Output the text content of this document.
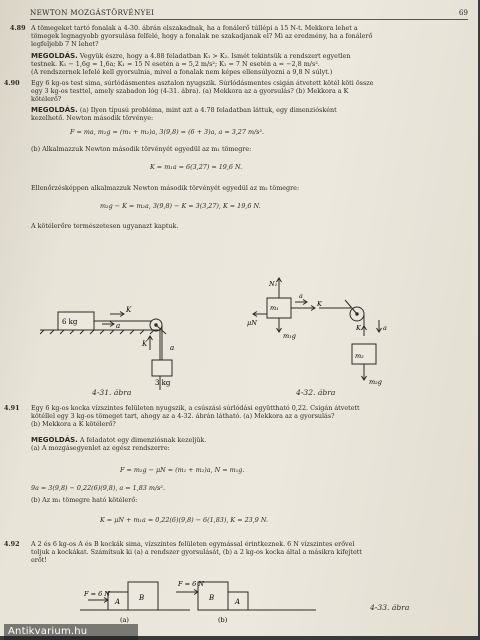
NEWTON MOZGÁSTÖRVÉNYEI	69
4.89 A tömegeket tartó fonalak a 4-30. ábrán elszakadnak, ha a fonálerő túllépi a 15 N-t. Mekkora lehet a
tömegek legnagyobb gyorsulása felfelé, hogy a fonalak ne szakadjanak el? Mi az eredmény, ha a fonálerő
legfeljebb 7 N lehet?
MEGOLDÁS. Vegyük észre, hogy a 4.88 feladatban K₁ > K₂. Ismét tekintsük a rendszert egyetlen
testnek. K₁ − 1,6g = 1,6a; K₁ = 15 N esetén a = 5,2 m/s²; K₁ = 7 N esetén a = −2,8 m/s².
(A rendszernek lefelé kell gyorsulnia, mivel a fonalak nem képes ellensúlyozni a 9,8 N súlyt.)
4.90 Egy 6 kg-os test sima, súrlódásmentes asztalon nyugszik. Súrlódásmentes csigán átvetett kötél köti össze
egy 3 kg-os testtel, amely szabadon lóg (4-31. ábra). (a) Mekkora az a gyorsulás? (b) Mekkora a K
kötélerő?
MEGOLDÁS. (a) Ilyen típusú probléma, mint azt a 4.78 feladatban láttuk, egy dimenziósként
kezelhető. Newton második törvénye:
F = ma, m₂g = (m₁ + m₂)a, 3(9,8) = (6 + 3)a, a = 3,27 m/s².
(b) Alkalmazzuk Newton második törvényét egyedül az m₁ tömegre:
K = m₁a = 6(3,27) = 19,6 N.
Ellenőrzésképpen alkalmazzuk Newton második törvényét egyedül az m₂ tömegre:
m₂g − K = m₂a, 3(9,8) − K = 3(3,27), K = 19,6 N.
A kötélerőre természetesen ugyanazt kaptuk.
6 kg
3 kg
K
a
K	a
4-31. ábra
m₁
N₁
m₁g
μN
K
a
m₂
K	a
m₂g
4-32. ábra
4.91 Egy 6 kg-os kocka vízszintes felületen nyugszik, a csúszási súrlódási együttható 0,22. Csigán átvetett
kötéllel egy 3 kg-os tömeget tart, ahogy az a 4-32. ábrán látható. (a) Mekkora az a gyorsulás?
(b) Mekkora a K kötélerő?
MEGOLDÁS. A feladatot egy dimenziósnak kezeljük.
(a) A mozgásegyenlet az egész rendszerre:
F = m₂g − μN = (m₁ + m₂)a, N = m₁g.
9a = 3(9,8) − 0,22(6)(9,8), a = 1,83 m/s².
(b) Az m₁ tömegre ható kötélerő:
K = μN + m₁a = 0,22(6)(9,8) − 6(1,83), K = 23,9 N.
4.92 A 2 és 6 kg-os A és B kockák sima, vízszintes felületen egymással érintkeznek. 6 N vízszintes erővel
toljuk a kockákat. Számítsuk ki (a) a rendszer gyorsulását, (b) a 2 kg-os kocka által a másikra kifejtett
erőt!
F = 6 N
A	B
F = 6 N
B	A
(a)	(b)
4-33. ábra
Antikvarium.hu
